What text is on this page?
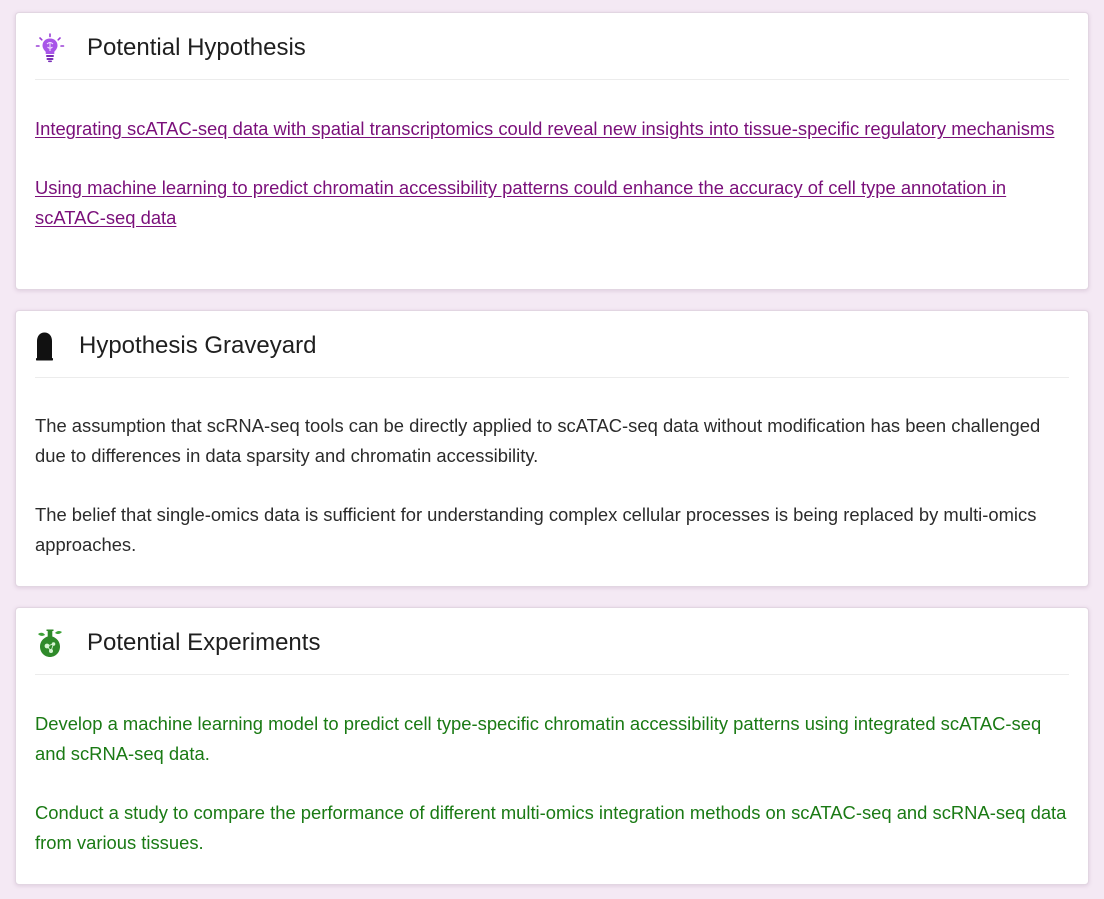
Potential Hypothesis

Integrating scATAC-seq data with spatial transcriptomics could reveal new insights into tissue-specific regulatory mechanisms

Using machine learning to predict chromatin accessibility patterns could enhance the accuracy of cell type annotation in scATAC-seq data

Hypothesis Graveyard

The assumption that scRNA-seq tools can be directly applied to scATAC-seq data without modification has been challenged due to differences in data sparsity and chromatin accessibility.

The belief that single-omics data is sufficient for understanding complex cellular processes is being replaced by multi-omics approaches.

Potential Experiments

Develop a machine learning model to predict cell type-specific chromatin accessibility patterns using integrated scATAC-seq and scRNA-seq data.

Conduct a study to compare the performance of different multi-omics integration methods on scATAC-seq and scRNA-seq data from various tissues.
